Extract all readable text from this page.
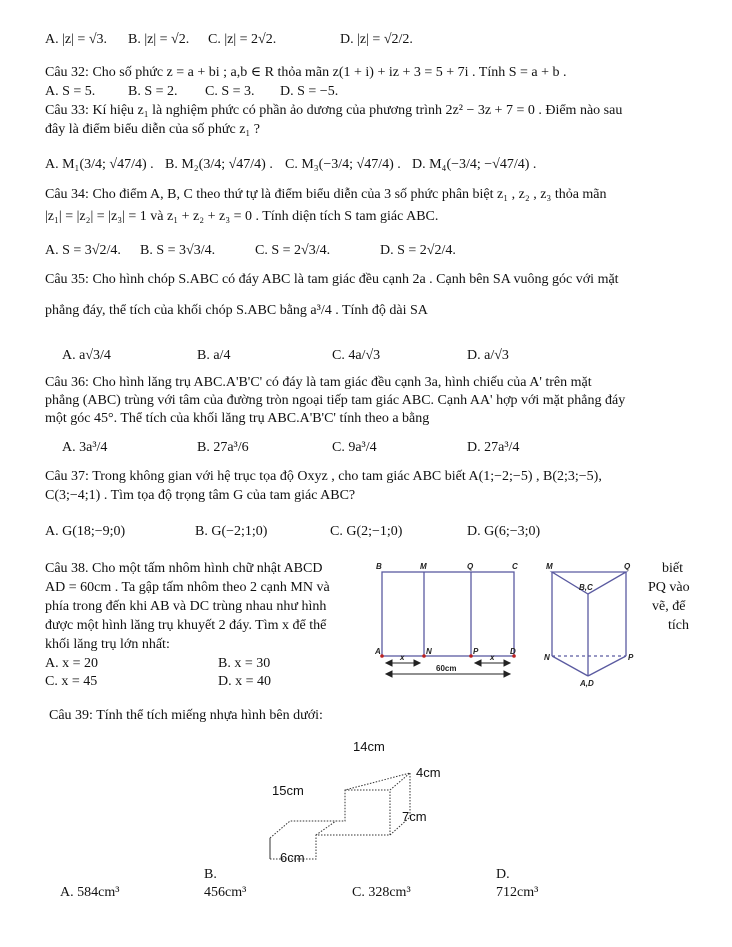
A. |z| = √3. B. |z| = √2. C. |z| = 2√2.	D. |z| = √2/2.
Câu 32: Cho số phức z = a + bi ; a,b ∈ R thỏa mãn z(1 + i) + iz + 3 = 5 + 7i . Tính S = a + b .
A. S = 5. B. S = 2. C. S = 3. D. S = −5.
Câu 33: Kí hiệu z₁ là nghiệm phức có phần ảo dương của phương trình 2z² − 3z + 7 = 0 . Điểm nào sau
đây là điểm biểu diễn của số phức z₁ ?
A. M₁(3/4; √47/4) . B. M₂(3/4; √47/4) . C. M₃(−3/4; √47/4) . D. M₄(−3/4; −√47/4) .
Câu 34: Cho điểm A, B, C theo thứ tự là điểm biểu diễn của 3 số phức phân biệt z₁ , z₂ , z₃ thỏa mãn
|z₁| = |z₂| = |z₃| = 1 và z₁ + z₂ + z₃ = 0 . Tính diện tích S tam giác ABC.
A. S = 3√2/4. B. S = 3√3/4.	C. S = 2√3/4.	D. S = 2√2/4.
Câu 35: Cho hình chóp S.ABC có đáy ABC là tam giác đều cạnh 2a . Cạnh bên SA vuông góc với mặt
phẳng đáy, thể tích của khối chóp S.ABC bằng a³/4 . Tính độ dài SA
A. a√3/4	B. a/4	C. 4a/√3	D. a/√3
Câu 36: Cho hình lăng trụ ABC.A'B'C' có đáy là tam giác đều cạnh 3a, hình chiếu của A' trên mặt
phẳng (ABC) trùng với tâm của đường tròn ngoại tiếp tam giác ABC. Cạnh AA' hợp với mặt phẳng đáy
một góc 45°. Thể tích của khối lăng trụ ABC.A'B'C' tính theo a bằng
A. 3a³/4	B. 27a³/6	C. 9a³/4	D. 27a³/4
Câu 37: Trong không gian với hệ trục tọa độ Oxyz , cho tam giác ABC biết A(1;−2;−5) , B(2;3;−5),
C(3;−4;1) . Tìm tọa độ trọng tâm G của tam giác ABC?
A. G(18;−9;0)	B. G(−2;1;0)	C. G(2;−1;0)	D. G(6;−3;0)
Câu 38. Cho một tấm nhôm hình chữ nhật ABCD	biết
AD = 60cm . Ta gập tấm nhôm theo 2 cạnh MN và	PQ vào
phía trong đến khi AB và DC trùng nhau như hình	vẽ, để
được một hình lăng trụ khuyết 2 đáy. Tìm x để thể	tích
khối lăng trụ lớn nhất:
A. x = 20	B. x = 30
C. x = 45	D. x = 40
B	M	Q	C
A	N	P	D
x	x
60cm
M	Q
B,C
N	P
A,D
Câu 39: Tính thể tích miếng nhựa hình bên dưới:
14cm
4cm
15cm
7cm
6cm
B.	D.
A. 584cm³	456cm³	C. 328cm³	712cm³
